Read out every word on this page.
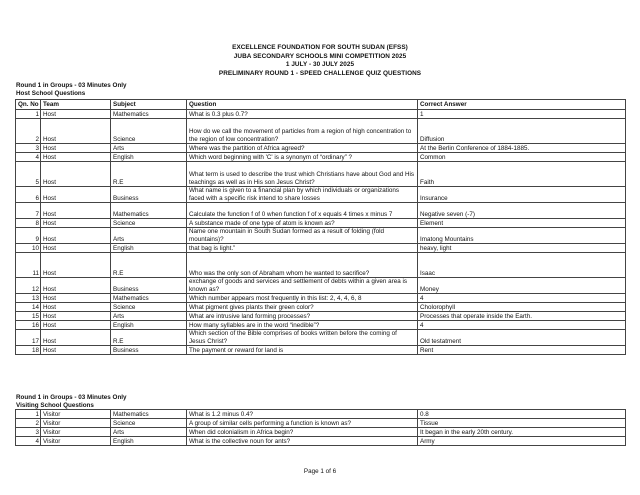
EXCELLENCE FOUNDATION FOR SOUTH SUDAN (EFSS)
JUBA SECONDARY SCHOOLS MINI COMPETITION 2025
1 JULY - 30 JULY 2025
PRELIMINARY ROUND 1 - SPEED CHALLENGE QUIZ QUESTIONS
Round 1 in Groups - 03 Minutes Only
Host School Questions
Qn. No	Team	Subject	Question	Correct Answer
1	Host	Mathematics	What is 0.3 plus 0.7?	1
2	Host	Science	How do we call the movement of particles from a region of high concentration to the region of low concentration?	Diffusion
3	Host	Arts	Where was the partition of Africa agreed?	At the Berlin Conference of 1884-1885.
4	Host	English	Which word beginning with 'C' is a synonym of “ordinary” ?	Common
5	Host	R.E	What term is used to describe the trust which Christians have about God and His teachings as well as in His son Jesus Christ?	Faith
6	Host	Business	What name is given to a financial plan by which individuals or organizations faced with a specific risk intend to share losses	Insurance
7	Host	Mathematics	Calculate the function f of 0 when function f of x equals 4 times x minus 7	Negative seven (-7)
8	Host	Science	A substance made of one type of atom is known as?	Element
9	Host	Arts	Name one mountain in South Sudan formed as a result of folding (fold mountains)?	Imatong Mountains
10	Host	English	that bag is light.”	heavy, light
11	Host	R.E	Who was the only son of Abraham whom he wanted to sacrifice?	Isaac
12	Host	Business	exchange of goods and services and settlement of debts within a given area is known as?	Money
13	Host	Mathematics	Which number appears most frequently in this list: 2, 4, 4, 6, 8	4
14	Host	Science	What pigment gives plants their green color?	Cholorophyll
15	Host	Arts	What are intrusive land forming processes?	Processes that operate inside the Earth.
16	Host	English	How many syllables are in the word “inedible”?	4
17	Host	R.E	Which section of the Bible comprises of books written before the coming of Jesus Christ?	Old testatment
18	Host	Business	The payment or reward for land is	Rent
Round 1 in Groups - 03 Minutes Only
Visiting School Questions
1	Visitor	Mathematics	What is 1.2 minus 0.4?	0.8
2	Visitor	Science	A group of similar cells performing a function is known as?	Tissue
3	Visitor	Arts	When did colonialism in Africa begin?	It began in the early 20th century.
4	Visitor	English	What is the collective noun for ants?	Army
Page 1 of 6
